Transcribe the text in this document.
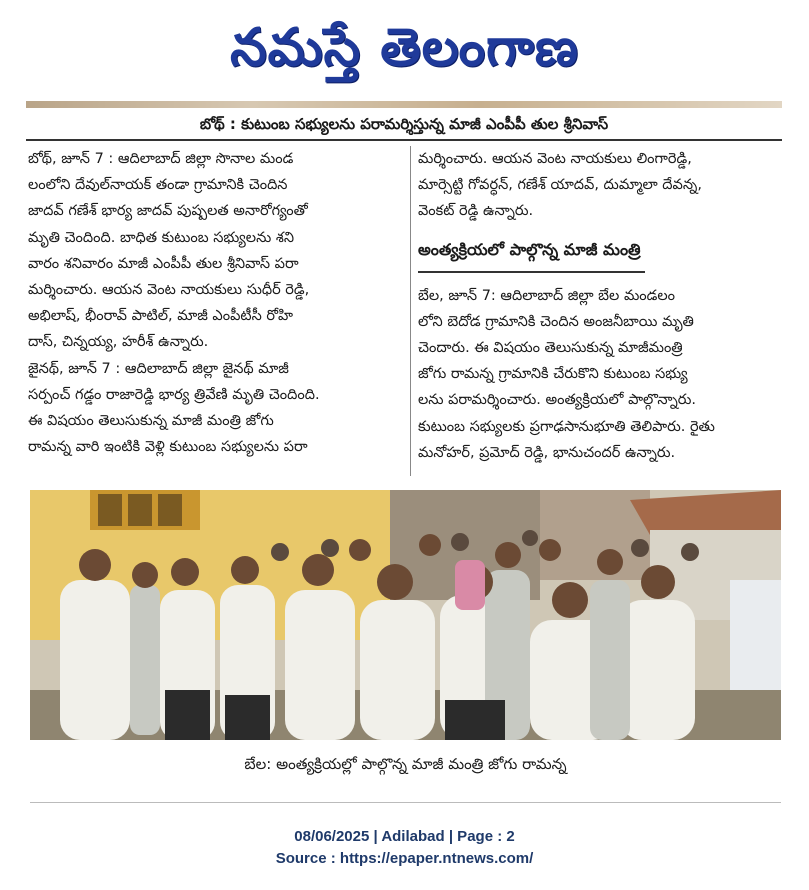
నమస్తే తెలంగాణ
బోథ్ : కుటుంబ సభ్యులను పరామర్శిస్తున్న మాజీ ఎంపీపీ తుల శ్రీనివాస్
బోథ్, జూన్ 7 : ఆదిలాబాద్ జిల్లా సొనాల మండ
లంలోని దేవుల్‌నాయక్ తండా గ్రామానికి చెందిన
జాదవ్ గణేశ్ భార్య జాదవ్ పుష్పలత అనారోగ్యంతో
మృతి చెందింది. బాధిత కుటుంబ సభ్యులను శని
వారం శనివారం మాజీ ఎంపీపీ తుల శ్రీనివాస్ పరా
మర్శించారు. ఆయన వెంట నాయకులు సుధీర్ రెడ్డి,
అభిలాష్, భీంరావ్ పాటిల్, మాజీ ఎంపీటీసీ రోహి
దాస్, చిన్నయ్య, హరీశ్ ఉన్నారు.
జైనథ్, జూన్ 7 : ఆదిలాబాద్ జిల్లా జైనథ్ మాజీ
సర్పంచ్ గడ్డం రాజారెడ్డి భార్య త్రివేణి మృతి చెందింది.
ఈ విషయం తెలుసుకున్న మాజీ మంత్రి జోగు
రామన్న వారి ఇంటికి వెళ్లి కుటుంబ సభ్యులను పరా
మర్శించారు. ఆయన వెంట నాయకులు లింగారెడ్డి,
మార్సెట్టి గోవర్ధన్, గణేశ్ యాదవ్, దుమ్మాలా దేవన్న,
వెంకట్ రెడ్డి ఉన్నారు.
అంత్యక్రియలో పాల్గొన్న మాజీ మంత్రి
బేల, జూన్ 7: ఆదిలాబాద్ జిల్లా బేల మండలం
లోని బెదోడ గ్రామానికి చెందిన అంజనీబాయి మృతి
చెందారు. ఈ విషయం తెలుసుకున్న మాజీమంత్రి
జోగు రామన్న గ్రామానికి చేరుకొని కుటుంబ సభ్యు
లను పరామర్శించారు. అంత్యక్రియలో పాల్గొన్నారు.
కుటుంబ సభ్యులకు ప్రగాఢసానుభూతి తెలిపారు. రైతు
మనోహర్, ప్రమోద్ రెడ్డి, భానుచందర్ ఉన్నారు.
బేల: అంత్యక్రియల్లో పాల్గొన్న మాజీ మంత్రి జోగు రామన్న
08/06/2025 | Adilabad | Page : 2
Source : https://epaper.ntnews.com/
